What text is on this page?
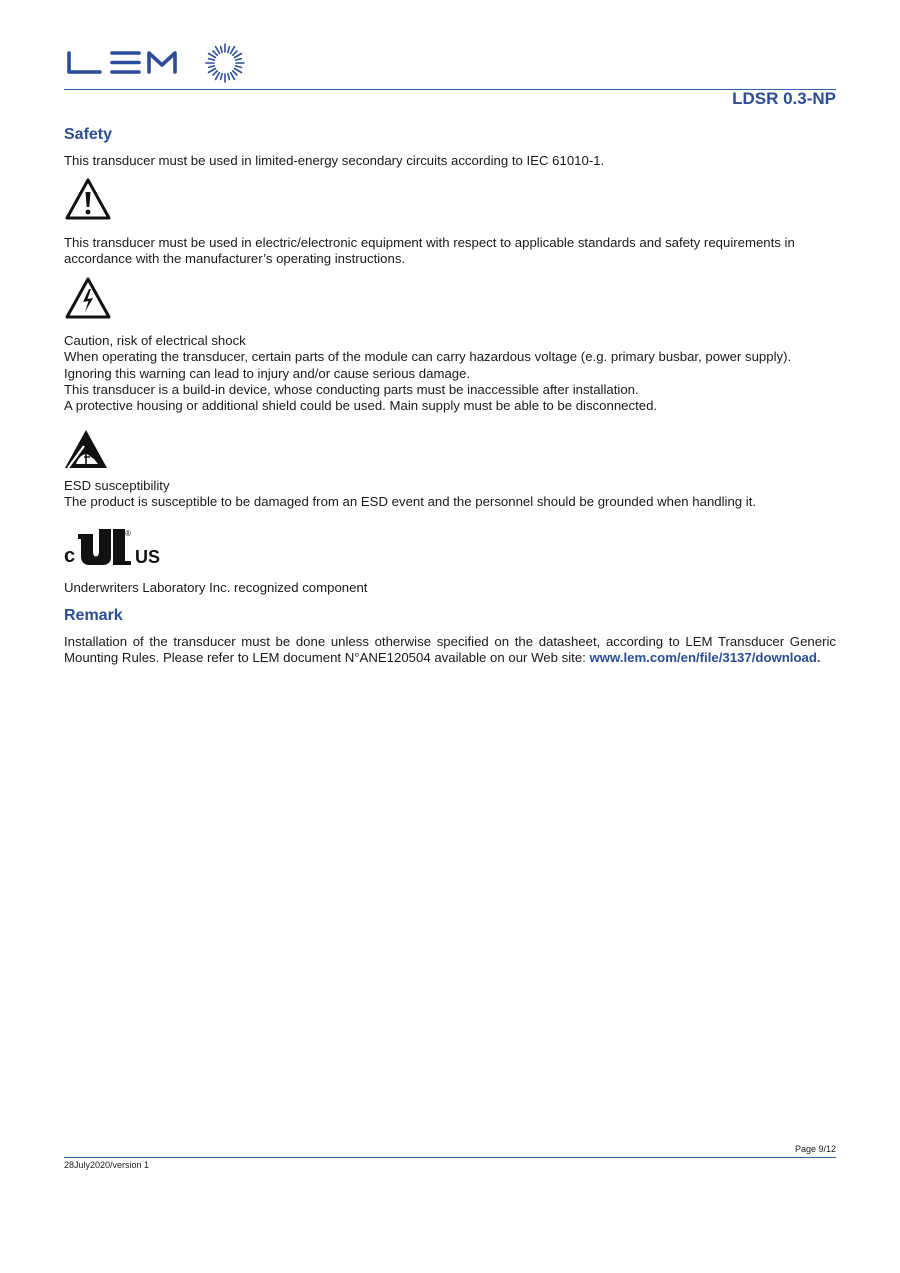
LEM
LDSR 0.3-NP
Safety

This transducer must be used in limited-energy secondary circuits according to IEC 61010-1.

This transducer must be used in electric/electronic equipment with respect to applicable standards and safety requirements in accordance with the manufacturer’s operating instructions.

Caution, risk of electrical shock
When operating the transducer, certain parts of the module can carry hazardous voltage (e.g. primary busbar, power supply).
Ignoring this warning can lead to injury and/or cause serious damage.
This transducer is a build-in device, whose conducting parts must be inaccessible after installation.
A protective housing or additional shield could be used. Main supply must be able to be disconnected.
ESD susceptibility
The product is susceptible to be damaged from an ESD event and the personnel should be grounded when handling it.
c
®
US

Underwriters Laboratory Inc. recognized component

Remark

Installation of the transducer must be done unless otherwise specified on the datasheet, according to LEM Transducer Generic Mounting Rules. Please refer to LEM document N°ANE120504 available on our Web site: www.lem.com/en/file/3137/download.

Page 9/12
28July2020/version 1
